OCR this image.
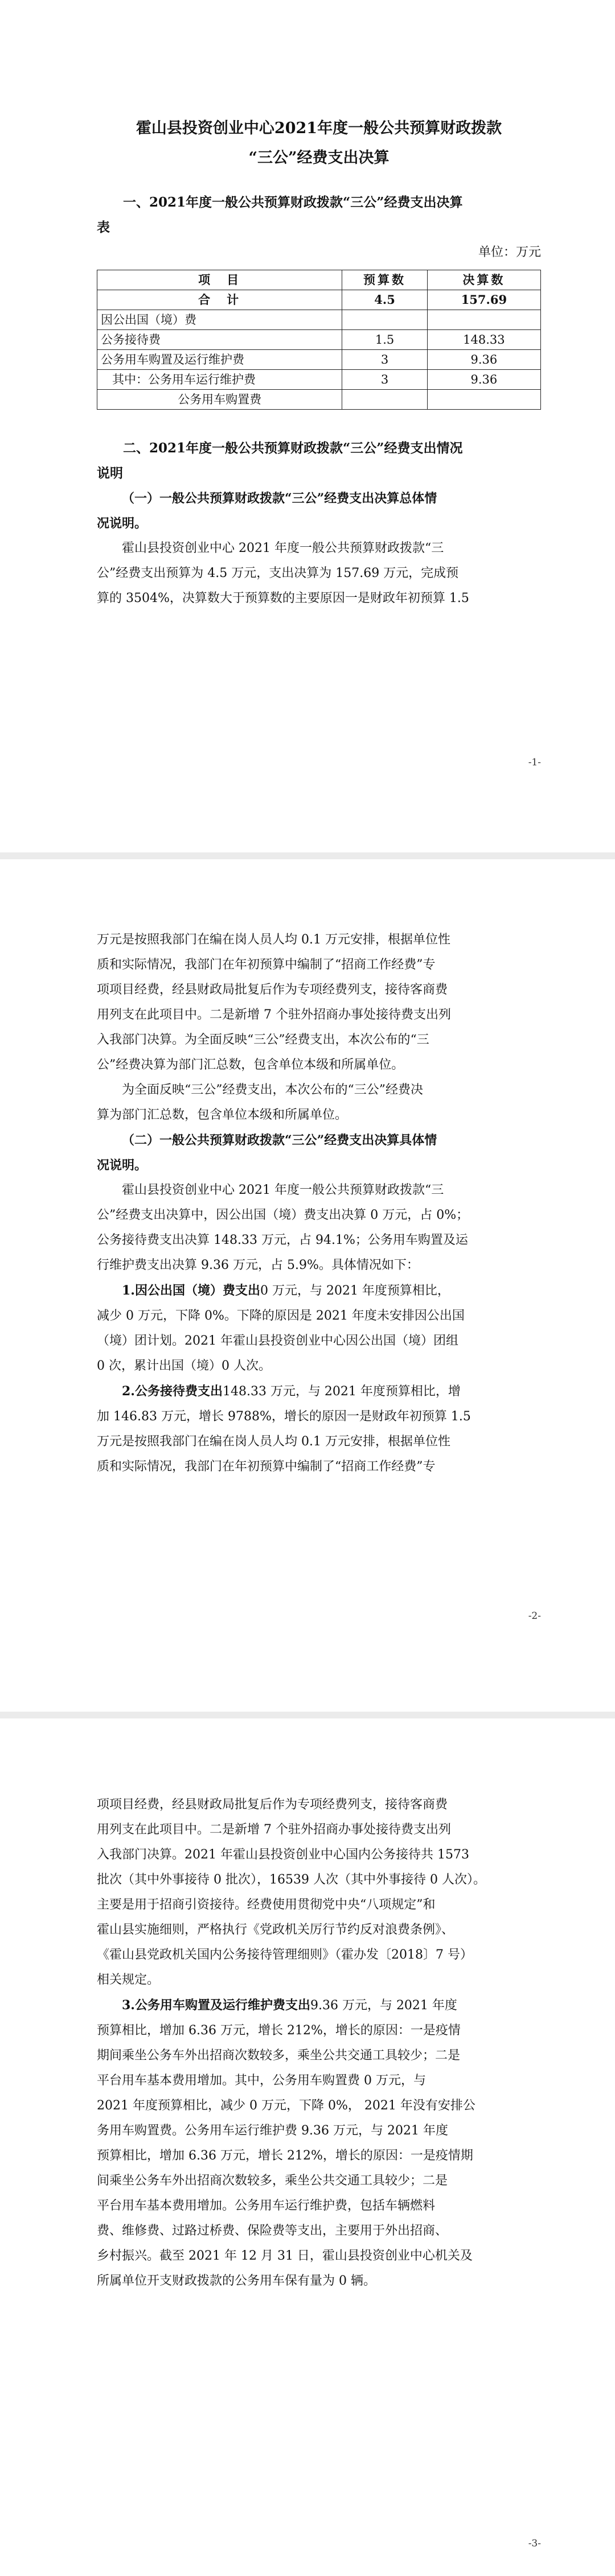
霍山县投资创业中心2021年度一般公共预算财政拨款
“三公”经费支出决算
一、2021年度一般公共预算财政拨款“三公”经费支出决算
表
单位：万元
项　目	预算数	决算数
合　计	4.5	157.69
因公出国（境）费		
公务接待费	1.5	148.33
公务用车购置及运行维护费	3	9.36
其中：公务用车运行维护费	3	9.36
公务用车购置费		
二、2021年度一般公共预算财政拨款“三公”经费支出情况
说明

（一）一般公共预算财政拨款“三公”经费支出决算总体情

况说明。

霍山县投资创业中心 2021 年度一般公共预算财政拨款“三

公”经费支出预算为 4.5 万元，支出决算为 157.69 万元，完成预

算的 3504%，决算数大于预算数的主要原因一是财政年初预算 1.5

-1-

万元是按照我部门在编在岗人员人均 0.1 万元安排，根据单位性

质和实际情况，我部门在年初预算中编制了“招商工作经费”专

项项目经费，经县财政局批复后作为专项经费列支，接待客商费

用列支在此项目中。二是新增 7 个驻外招商办事处接待费支出列

入我部门决算。为全面反映“三公”经费支出，本次公布的“三

公”经费决算为部门汇总数，包含单位本级和所属单位。

为全面反映“三公”经费支出，本次公布的“三公”经费决

算为部门汇总数，包含单位本级和所属单位。

（二）一般公共预算财政拨款“三公”经费支出决算具体情

况说明。

霍山县投资创业中心 2021 年度一般公共预算财政拨款“三

公”经费支出决算中，因公出国（境）费支出决算 0 万元，占 0%；

公务接待费支出决算 148.33 万元，占 94.1%；公务用车购置及运

行维护费支出决算 9.36 万元，占 5.9%。具体情况如下：

1.因公出国（境）费支出0 万元，与 2021 年度预算相比，

减少 0 万元，下降 0%。下降的原因是 2021 年度未安排因公出国

（境）团计划。2021 年霍山县投资创业中心因公出国（境）团组

0 次，累计出国（境）0 人次。

2.公务接待费支出148.33 万元，与 2021 年度预算相比，增

加 146.83 万元，增长 9788%，增长的原因一是财政年初预算 1.5

万元是按照我部门在编在岗人员人均 0.1 万元安排，根据单位性

质和实际情况，我部门在年初预算中编制了“招商工作经费”专

-2-

项项目经费，经县财政局批复后作为专项经费列支，接待客商费

用列支在此项目中。二是新增 7 个驻外招商办事处接待费支出列

入我部门决算。2021 年霍山县投资创业中心国内公务接待共 1573

批次（其中外事接待 0 批次），16539 人次（其中外事接待 0 人次）。

主要是用于招商引资接待。经费使用贯彻党中央“八项规定”和

霍山县实施细则，严格执行《党政机关厉行节约反对浪费条例》、

《霍山县党政机关国内公务接待管理细则》（霍办发〔2018〕7 号）

相关规定。

3.公务用车购置及运行维护费支出9.36 万元，与 2021 年度

预算相比，增加 6.36 万元，增长 212%，增长的原因：一是疫情

期间乘坐公务车外出招商次数较多，乘坐公共交通工具较少；二是

平台用车基本费用增加。其中，公务用车购置费 0 万元，与

2021 年度预算相比，减少 0 万元，下降 0%， 2021 年没有安排公

务用车购置费。公务用车运行维护费 9.36 万元，与 2021 年度

预算相比，增加 6.36 万元，增长 212%，增长的原因：一是疫情期

间乘坐公务车外出招商次数较多，乘坐公共交通工具较少；二是

平台用车基本费用增加。公务用车运行维护费，包括车辆燃料

费、维修费、过路过桥费、保险费等支出，主要用于外出招商、

乡村振兴。截至 2021 年 12 月 31 日，霍山县投资创业中心机关及

所属单位开支财政拨款的公务用车保有量为 0 辆。

-3-
